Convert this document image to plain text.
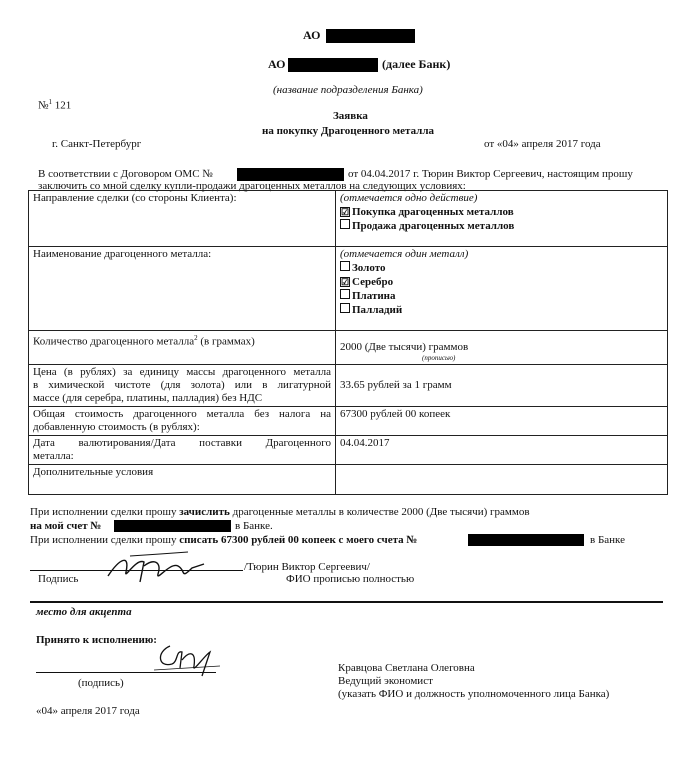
АО
АО	(далее Банк)
(название подразделения Банка)
№$^1$ 121
Заявка
на покупку Драгоценного металла
г. Санкт-Петербург	от «04» апреля 2017 года
В соответствии с Договором ОМС №	от 04.04.2017 г. Тюрин Виктор Сергеевич, настоящим прошу
заключить со мной сделку купли-продажи драгоценных металлов на следующих условиях:
Направление сделки (со стороны Клиента):	(отмечается одно действие)
☑ Покупка драгоценных металлов
Продажа драгоценных металлов

Наименование драгоценного металла:	(отмечается один металл)
Золото
☑ Серебро
Платина
Палладий

Количество драгоценного металла$^2$ (в граммах)	2000 (Две тысячи) граммов
(прописью)

Цена (в рублях) за единицу массы драгоценного металла
в химической чистоте (для золота) или в лигатурной
массе (для серебра, платины, палладия) без НДС	33.65 рублей за 1 грамм

Общая стоимость драгоценного металла без налога на
добавленную стоимость (в рублях):	67300 рублей 00 копеек

Дата валютирования/Дата поставки Драгоценного
металла:	04.04.2017
Дополнительные условия	
При исполнении сделки прошу зачислить драгоценные металлы в количестве 2000 (Две тысячи) граммов
на мой счет №	в Банке.
При исполнении сделки прошу списать 67300 рублей 00 копеек с моего счета №	в Банке
/Тюрин Виктор Сергеевич/
Подпись	ФИО прописью полностью
место для акцепта
Принято к исполнению:
(подпись)
Кравцова Светлана Олеговна
Ведущий экономист
(указать ФИО и должность уполномоченного лица Банка)
«04» апреля 2017 года
